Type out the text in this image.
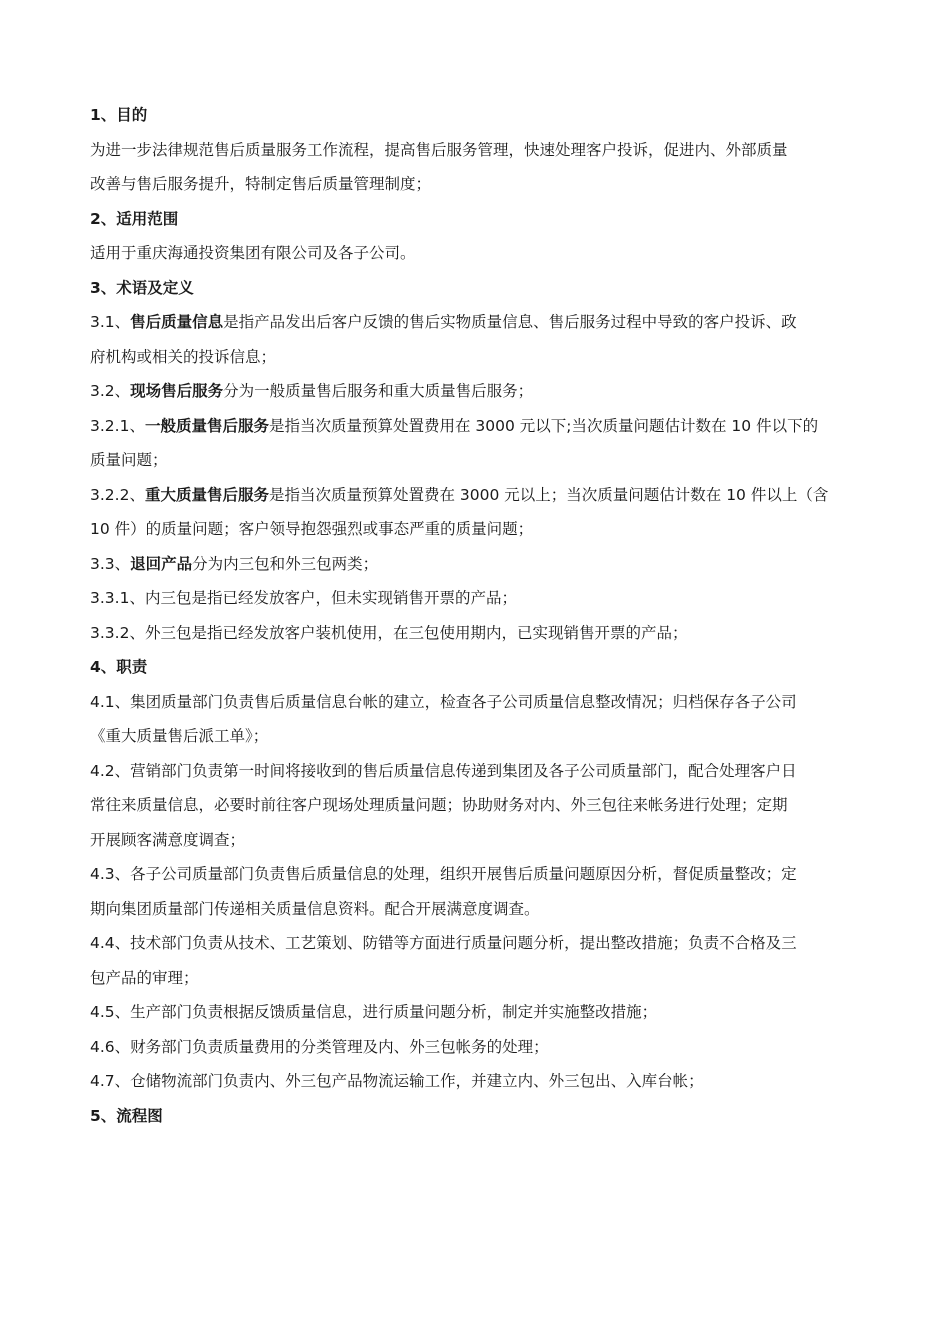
1、目的

为进一步法律规范售后质量服务工作流程，提高售后服务管理，快速处理客户投诉，促进内、外部质量

改善与售后服务提升，特制定售后质量管理制度；

2、适用范围

适用于重庆海通投资集团有限公司及各子公司。

3、术语及定义

3.1、售后质量信息是指产品发出后客户反馈的售后实物质量信息、售后服务过程中导致的客户投诉、政

府机构或相关的投诉信息；

3.2、现场售后服务分为一般质量售后服务和重大质量售后服务；

3.2.1、一般质量售后服务是指当次质量预算处置费用在 3000 元以下;当次质量问题估计数在 10 件以下的

质量问题；

3.2.2、重大质量售后服务是指当次质量预算处置费在 3000 元以上；当次质量问题估计数在 10 件以上（含

10 件）的质量问题；客户领导抱怨强烈或事态严重的质量问题；

3.3、退回产品分为内三包和外三包两类；

3.3.1、内三包是指已经发放客户，但未实现销售开票的产品；

3.3.2、外三包是指已经发放客户装机使用，在三包使用期内，已实现销售开票的产品；

4、职责

4.1、集团质量部门负责售后质量信息台帐的建立，检查各子公司质量信息整改情况；归档保存各子公司

《重大质量售后派工单》；

4.2、营销部门负责第一时间将接收到的售后质量信息传递到集团及各子公司质量部门，配合处理客户日

常往来质量信息，必要时前往客户现场处理质量问题；协助财务对内、外三包往来帐务进行处理；定期

开展顾客满意度调查；

4.3、各子公司质量部门负责售后质量信息的处理，组织开展售后质量问题原因分析，督促质量整改；定

期向集团质量部门传递相关质量信息资料。配合开展满意度调查。

4.4、技术部门负责从技术、工艺策划、防错等方面进行质量问题分析，提出整改措施；负责不合格及三

包产品的审理；

4.5、生产部门负责根据反馈质量信息，进行质量问题分析，制定并实施整改措施；

4.6、财务部门负责质量费用的分类管理及内、外三包帐务的处理；

4.7、仓储物流部门负责内、外三包产品物流运输工作，并建立内、外三包出、入库台帐；

5、流程图
